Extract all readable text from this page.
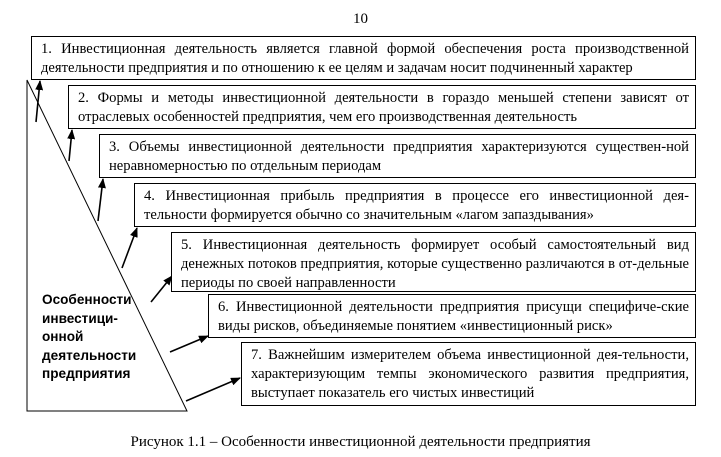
10
1. Инвестиционная деятельность является главной формой обеспечения роста производственной деятельности предприятия и по отношению к ее целям и задачам носит подчиненный характер
2. Формы и методы инвестиционной деятельности в гораздо меньшей степени зависят от отраслевых особенностей предприятия, чем его производственная деятельность
3. Объемы инвестиционной деятельности предприятия характеризуются существен-ной неравномерностью по отдельным периодам
4. Инвестиционная прибыль предприятия в процессе его инвестиционной дея-тельности формируется обычно со значительным «лагом запаздывания»
5. Инвестиционная деятельность формирует особый самостоятельный вид денежных потоков предприятия, которые существенно различаются в от-дельные периоды по своей направленности
6. Инвестиционной деятельности предприятия присущи специфиче-ские виды рисков, объединяемые понятием «инвестиционный риск»
7. Важнейшим измерителем объема инвестиционной дея-тельности, характеризующим темпы экономического развития предприятия, выступает показатель его чистых инвестиций
Особенности инвестици-онной деятельности предприятия
Рисунок 1.1 – Особенности инвестиционной деятельности предприятия
